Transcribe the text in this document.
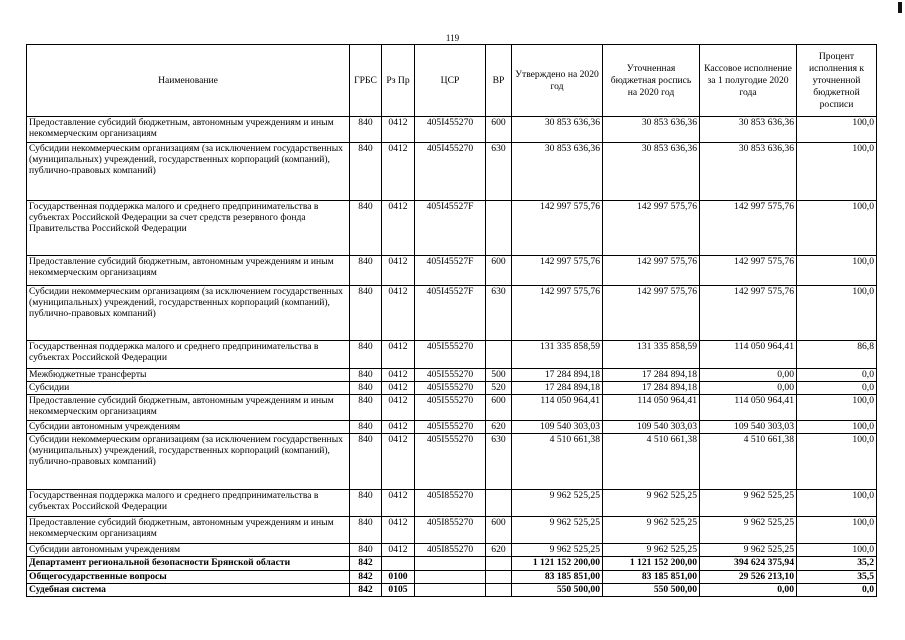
119
Наименование	ГРБС	Рз Пр	ЦСР	ВР	Утверждено на 2020 год	Уточненная бюджетная роспись на 2020 год	Кассовое исполнение за 1 полугодие 2020 года	Процент исполнения к уточненной бюджетной росписи
Предоставление субсидий бюджетным, автономным учреждениям и иным некоммерческим организациям	840	0412	405I455270	600	30 853 636,36	30 853 636,36	30 853 636,36	100,0
Субсидии некоммерческим организациям (за исключением государственных (муниципальных) учреждений, государственных корпораций (компаний), публично-правовых компаний)	840	0412	405I455270	630	30 853 636,36	30 853 636,36	30 853 636,36	100,0
Государственная поддержка малого и среднего предпринимательства в субъектах Российской Федерации за счет средств резервного фонда Правительства Российской Федерации	840	0412	405I45527F		142 997 575,76	142 997 575,76	142 997 575,76	100,0
Предоставление субсидий бюджетным, автономным учреждениям и иным некоммерческим организациям	840	0412	405I45527F	600	142 997 575,76	142 997 575,76	142 997 575,76	100,0
Субсидии некоммерческим организациям (за исключением государственных (муниципальных) учреждений, государственных корпораций (компаний), публично-правовых компаний)	840	0412	405I45527F	630	142 997 575,76	142 997 575,76	142 997 575,76	100,0
Государственная поддержка малого и среднего предпринимательства в субъектах Российской Федерации	840	0412	405I555270		131 335 858,59	131 335 858,59	114 050 964,41	86,8
Межбюджетные трансферты	840	0412	405I555270	500	17 284 894,18	17 284 894,18	0,00	0,0
Субсидии	840	0412	405I555270	520	17 284 894,18	17 284 894,18	0,00	0,0
Предоставление субсидий бюджетным, автономным учреждениям и иным некоммерческим организациям	840	0412	405I555270	600	114 050 964,41	114 050 964,41	114 050 964,41	100,0
Субсидии автономным учреждениям	840	0412	405I555270	620	109 540 303,03	109 540 303,03	109 540 303,03	100,0
Субсидии некоммерческим организациям (за исключением государственных (муниципальных) учреждений, государственных корпораций (компаний), публично-правовых компаний)	840	0412	405I555270	630	4 510 661,38	4 510 661,38	4 510 661,38	100,0
Государственная поддержка малого и среднего предпринимательства в субъектах Российской Федерации	840	0412	405I855270		9 962 525,25	9 962 525,25	9 962 525,25	100,0
Предоставление субсидий бюджетным, автономным учреждениям и иным некоммерческим организациям	840	0412	405I855270	600	9 962 525,25	9 962 525,25	9 962 525,25	100,0
Субсидии автономным учреждениям	840	0412	405I855270	620	9 962 525,25	9 962 525,25	9 962 525,25	100,0
Департамент региональной безопасности Брянской области	842				1 121 152 200,00	1 121 152 200,00	394 624 375,94	35,2
Общегосударственные вопросы	842	0100			83 185 851,00	83 185 851,00	29 526 213,10	35,5
Судебная система	842	0105			550 500,00	550 500,00	0,00	0,0
